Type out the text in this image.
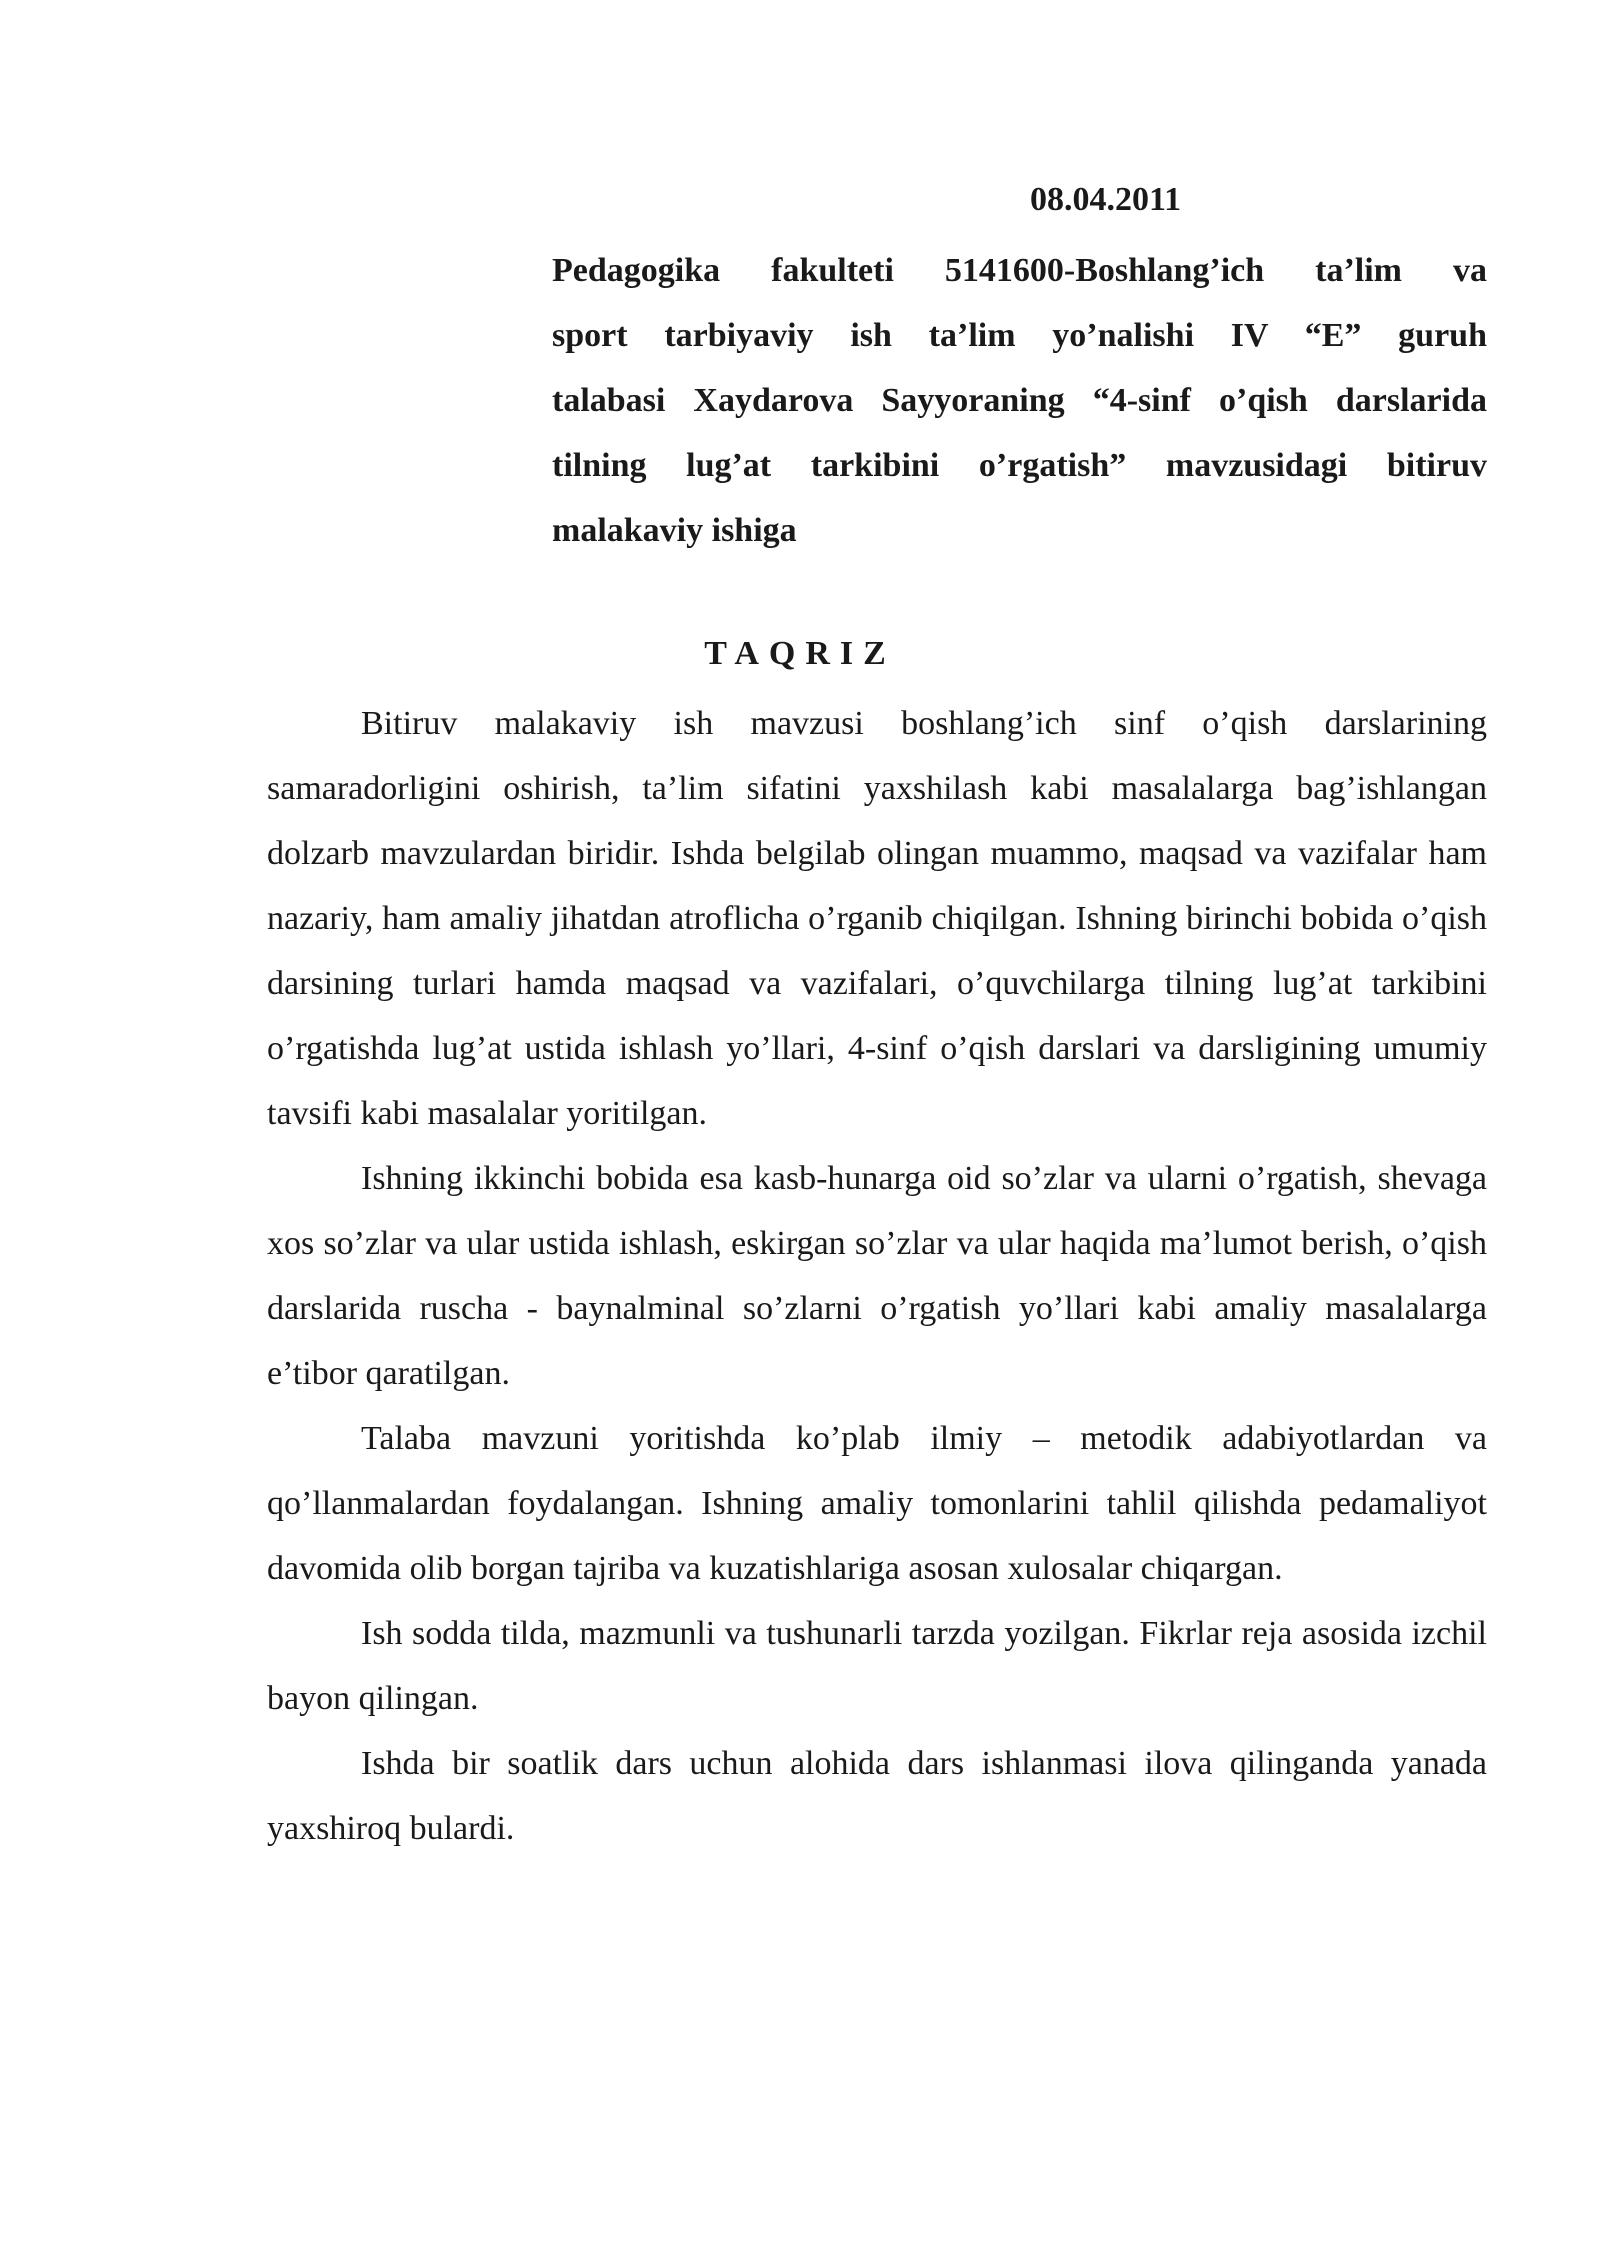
08.04.2011
Pedagogika fakulteti 5141600-Boshlang’ich ta’lim va
sport tarbiyaviy ish ta’lim yo’nalishi IV “E” guruh
talabasi Xaydarova Sayyoraning “4-sinf o’qish darslarida
tilning lug’at tarkibini o’rgatish” mavzusidagi bitiruv
malakaviy ishiga
TAQRIZ

Bitiruv malakaviy ish mavzusi boshlang’ich sinf o’qish darslarining samaradorligini oshirish, ta’lim sifatini yaxshilash kabi masalalarga bag’ishlangan dolzarb mavzulardan biridir. Ishda belgilab olingan muammo, maqsad va vazifalar ham nazariy, ham amaliy jihatdan atroflicha o’rganib chiqilgan. Ishning birinchi bobida o’qish darsining turlari hamda maqsad va vazifalari, o’quvchilarga tilning lug’at tarkibini o’rgatishda lug’at ustida ishlash yo’llari, 4-sinf o’qish darslari va darsligining umumiy tavsifi kabi masalalar yoritilgan.

Ishning ikkinchi bobida esa kasb-hunarga oid so’zlar va ularni o’rgatish, shevaga xos so’zlar va ular ustida ishlash, eskirgan so’zlar va ular haqida ma’lumot berish, o’qish darslarida ruscha - baynalminal so’zlarni o’rgatish yo’llari kabi amaliy masalalarga e’tibor qaratilgan.

Talaba mavzuni yoritishda ko’plab ilmiy – metodik adabiyotlardan va qo’llanmalardan foydalangan. Ishning amaliy tomonlarini tahlil qilishda pedamaliyot davomida olib borgan tajriba va kuzatishlariga asosan xulosalar chiqargan.

Ish sodda tilda, mazmunli va tushunarli tarzda yozilgan. Fikrlar reja asosida izchil bayon qilingan.

Ishda bir soatlik dars uchun alohida dars ishlanmasi ilova qilinganda yanada yaxshiroq bulardi.
